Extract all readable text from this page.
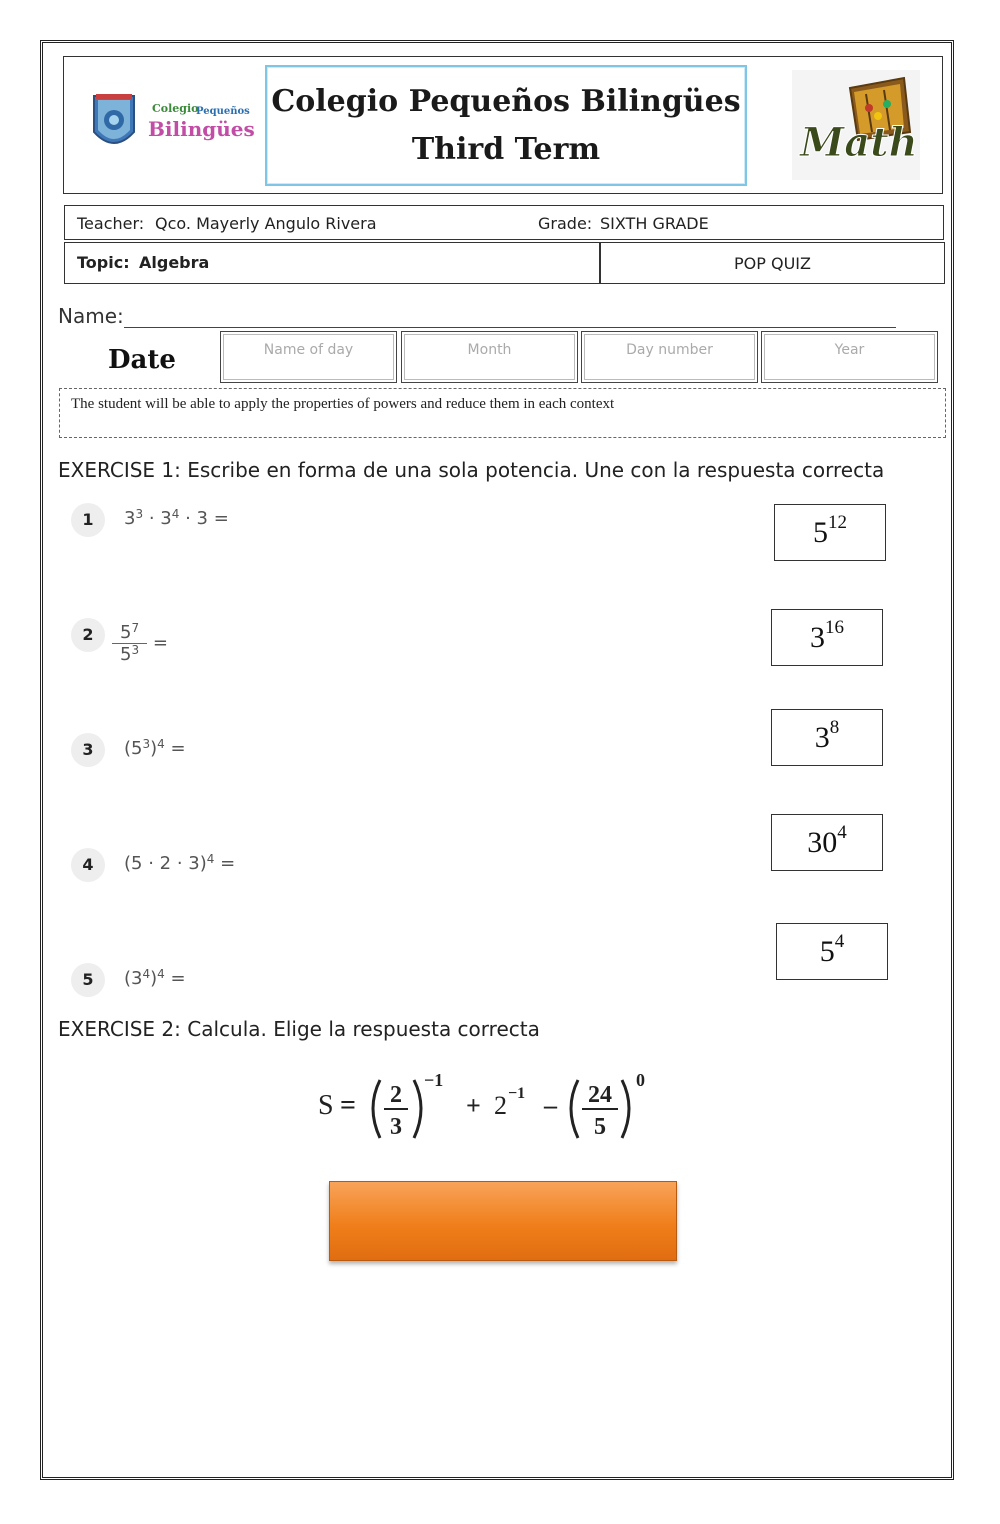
Colegio
Pequeños
Bilingües
Colegio Pequeños Bilingües
Third Term	Math
Teacher: Qco. Mayerly Angulo Rivera	Grade: SIXTH GRADE
Topic: Algebra	POP QUIZ
Name:
Date	Name of day	Month	Day number	Year
The student will be able to apply the properties of powers and reduce them in each context
EXERCISE 1: Escribe en forma de una sola potencia. Une con la respuesta correcta
1	$3^3 \cdot 3^4 \cdot 3$ =
2	$\frac{5^7}{5^3}$ =
3	$(5^3)^4$ =
4	$(5 \cdot 2 \cdot 3)^4$ =
5	$(3^4)^4$ =
$5^{12}$
$3^{16}$
$3^8$
$30^4$
$5^4$
EXERCISE 2: Calcula. Elige la respuesta correcta
S = 2
3
−1
+ 2 −1 – 24
5
0
